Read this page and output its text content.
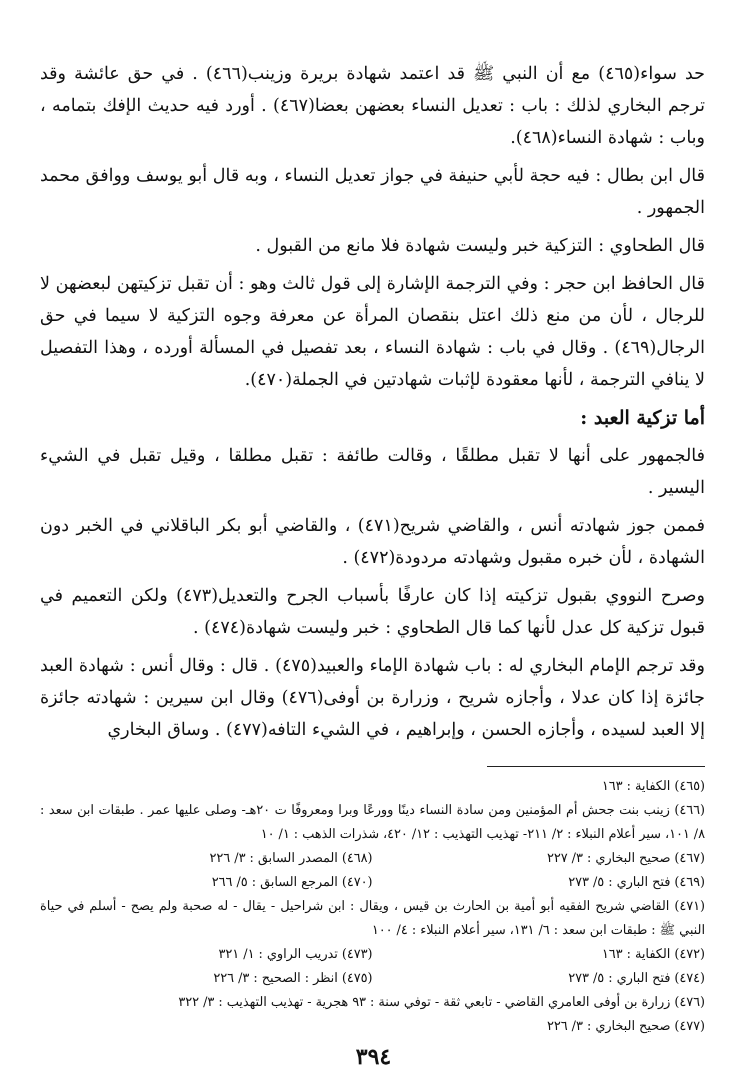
حد سواء(٤٦٥) مع أن النبي ﷺ قد اعتمد شهادة بريرة وزينب(٤٦٦) . في حق عائشة وقد ترجم البخاري لذلك : باب : تعديل النساء بعضهن بعضا(٤٦٧) . أورد فيه حديث الإفك بتمامه ، وباب : شهادة النساء(٤٦٨).

قال ابن بطال : فيه حجة لأبي حنيفة في جواز تعديل النساء ، وبه قال أبو يوسف ووافق محمد الجمهور .

قال الطحاوي : التزكية خبر وليست شهادة فلا مانع من القبول .

قال الحافظ ابن حجر : وفي الترجمة الإشارة إلى قول ثالث وهو : أن تقبل تزكيتهن لبعضهن لا للرجال ، لأن من منع ذلك اعتل بنقصان المرأة عن معرفة وجوه التزكية لا سيما في حق الرجال(٤٦٩) . وقال في باب : شهادة النساء ، بعد تفصيل في المسألة أورده ، وهذا التفصيل لا ينافي الترجمة ، لأنها معقودة لإثبات شهادتين في الجملة(٤٧٠).

أما تزكية العبد :

فالجمهور على أنها لا تقبل مطلقًا ، وقالت طائفة : تقبل مطلقا ، وقيل تقبل في الشيء اليسير .

فممن جوز شهادته أنس ، والقاضي شريح(٤٧١) ، والقاضي أبو بكر الباقلاني في الخبر دون الشهادة ، لأن خبره مقبول وشهادته مردودة(٤٧٢) .

وصرح النووي بقبول تزكيته إذا كان عارفًا بأسباب الجرح والتعديل(٤٧٣) ولكن التعميم في قبول تزكية كل عدل لأنها كما قال الطحاوي : خبر وليست شهادة(٤٧٤) .

وقد ترجم الإمام البخاري له : باب شهادة الإماء والعبيد(٤٧٥) . قال : وقال أنس : شهادة العبد جائزة إذا كان عدلا ، وأجازه شريح ، وزرارة بن أوفى(٤٧٦) وقال ابن سيرين : شهادته جائزة إلا العبد لسيده ، وأجازه الحسن ، وإبراهيم ، في الشيء التافه(٤٧٧) . وساق البخاري

(٤٦٥) الكفاية : ١٦٣

(٤٦٦) زينب بنت جحش أم المؤمنين ومن سادة النساء دينًا وورعًا وبرا ومعروفًا ت ٢٠هـ- وصلى عليها عمر . طبقات ابن سعد : ٨/ ١٠١، سير أعلام النبلاء : ٢/ ٢١١- تهذيب التهذيب : ١٢/ ٤٢٠، شذرات الذهب : ١/ ١٠

(٤٦٧) صحيح البخاري : ٣/ ٢٢٧
(٤٦٨) المصدر السابق : ٣/ ٢٢٦
(٤٦٩) فتح الباري : ٥/ ٢٧٣
(٤٧٠) المرجع السابق : ٥/ ٢٦٦

(٤٧١) القاضي شريح الفقيه أبو أمية بن الحارث بن قيس ، ويقال : ابن شراحيل - يقال - له صحبة ولم يصح - أسلم في حياة النبي ﷺ : طبقات ابن سعد : ٦/ ١٣١، سير أعلام النبلاء : ٤/ ١٠٠

(٤٧٢) الكفاية : ١٦٣
(٤٧٣) تدريب الراوي : ١/ ٣٢١
(٤٧٤) فتح الباري : ٥/ ٢٧٣
(٤٧٥) انظر : الصحيح : ٣/ ٢٢٦

(٤٧٦) زرارة بن أوفى العامري القاضي - تابعي ثقة - توفي سنة : ٩٣ هجرية - تهذيب التهذيب : ٣/ ٣٢٢

(٤٧٧) صحيح البخاري : ٣/ ٢٢٦

٣٩٤
